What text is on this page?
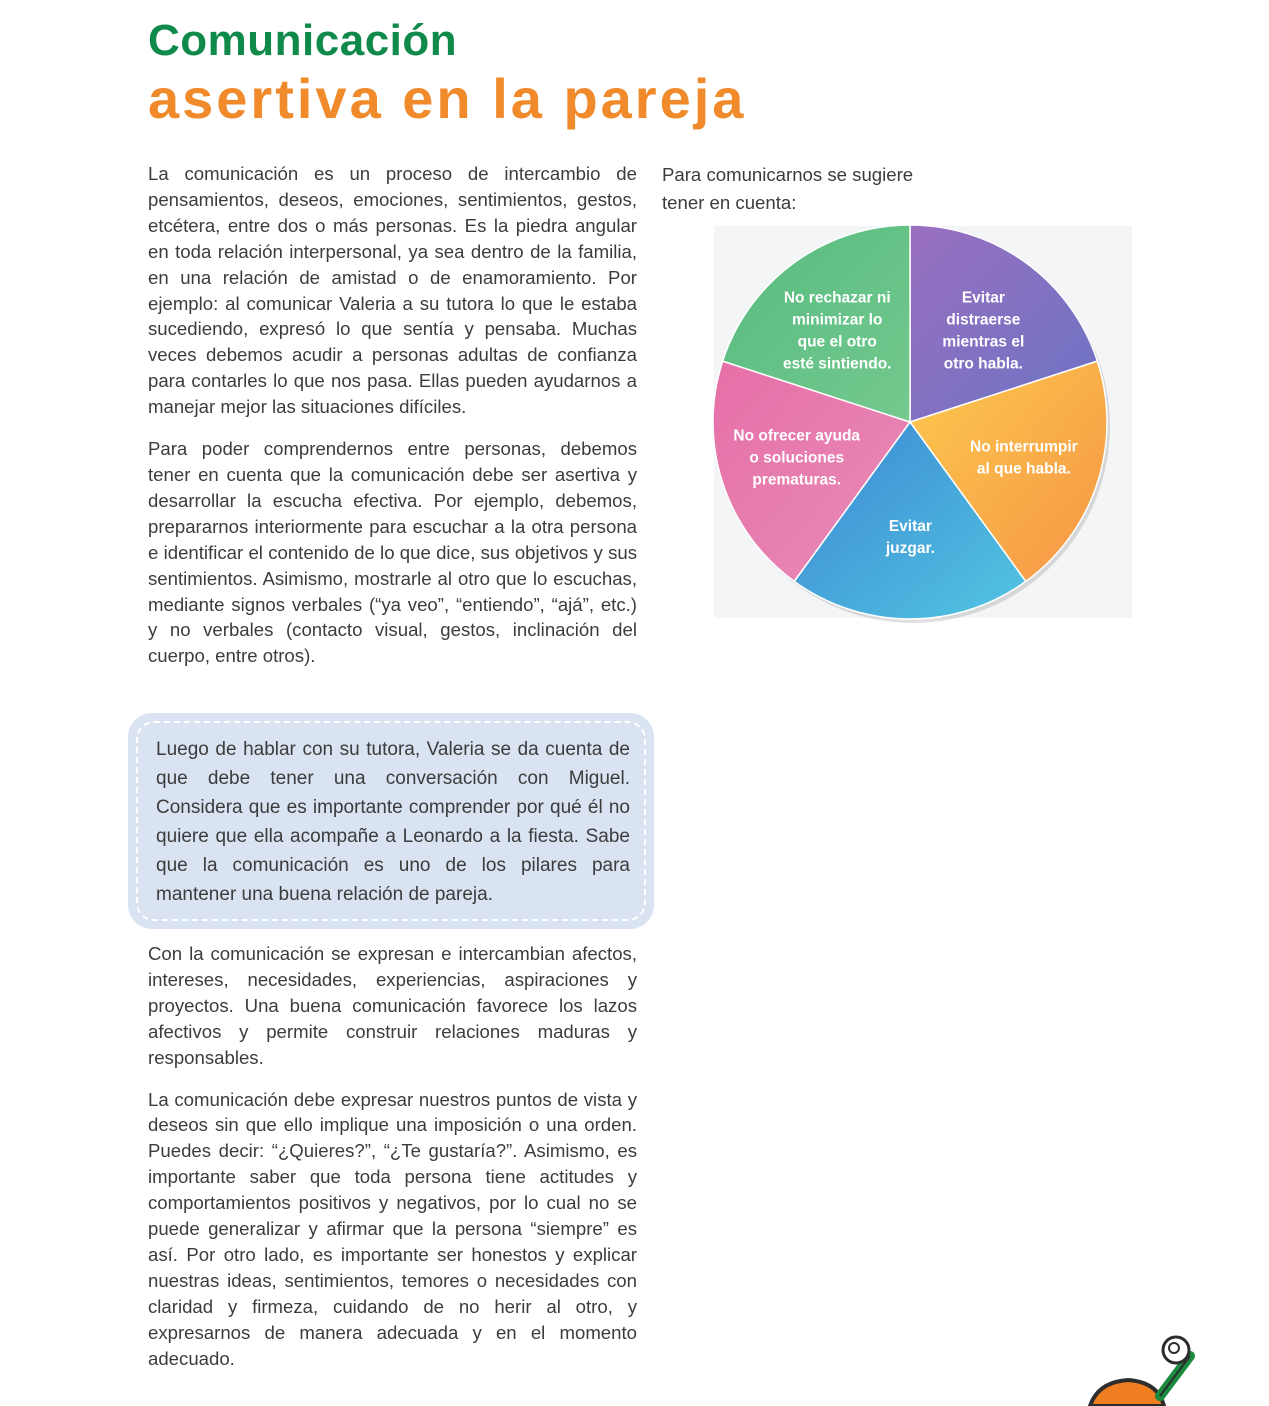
Comunicación
asertiva en la pareja

La comunicación es un proceso de intercambio de pensamientos, deseos, emociones, sentimientos, gestos, etcétera, entre dos o más personas. Es la piedra angular en toda relación interpersonal, ya sea dentro de la familia, en una relación de amistad o de enamoramiento. Por ejemplo: al comunicar Valeria a su tutora lo que le estaba sucediendo, expresó lo que sentía y pensaba. Muchas veces debemos acudir a personas adultas de confianza para contarles lo que nos pasa. Ellas pueden ayudarnos a manejar mejor las situaciones difíciles.

Para poder comprendernos entre personas, debemos tener en cuenta que la comunicación debe ser asertiva y desarrollar la escucha efectiva. Por ejemplo, debemos, prepararnos interiormente para escuchar a la otra persona e identificar el contenido de lo que dice, sus objetivos y sus sentimientos. Asimismo, mostrarle al otro que lo escuchas, mediante signos verbales (“ya veo”, “entiendo”, “ajá”, etc.) y no verbales (contacto visual, gestos, inclinación del cuerpo, entre otros).

Luego de hablar con su tutora, Valeria se da cuenta de que debe tener una conversación con Miguel. Considera que es importante comprender por qué él no quiere que ella acompañe a Leonardo a la fiesta. Sabe que la comunicación es uno de los pilares para mantener una buena relación de pareja.

Con la comunicación se expresan e intercambian afectos, intereses, necesidades, experiencias, aspiraciones y proyectos. Una buena comunicación favorece los lazos afectivos y permite construir relaciones maduras y responsables.

La comunicación debe expresar nuestros puntos de vista y deseos sin que ello implique una imposición o una orden. Puedes decir: “¿Quieres?”, “¿Te gustaría?”. Asimismo, es importante saber que toda persona tiene actitudes y comportamientos positivos y negativos, por lo cual no se puede generalizar y afirmar que la persona “siempre” es así. Por otro lado, es importante ser honestos y explicar nuestras ideas, sentimientos, temores o necesidades con claridad y firmeza, cuidando de no herir al otro, y expresarnos de manera adecuada y en el momento adecuado.

Para comunicarnos se sugiere tener en cuenta:

Evitar distraerse mientras el otro habla.
No interrumpir al que habla.
Evitar juzgar.
No ofrecer ayuda o soluciones prematuras.
No rechazar ni minimizar lo que el otro esté sintiendo.
